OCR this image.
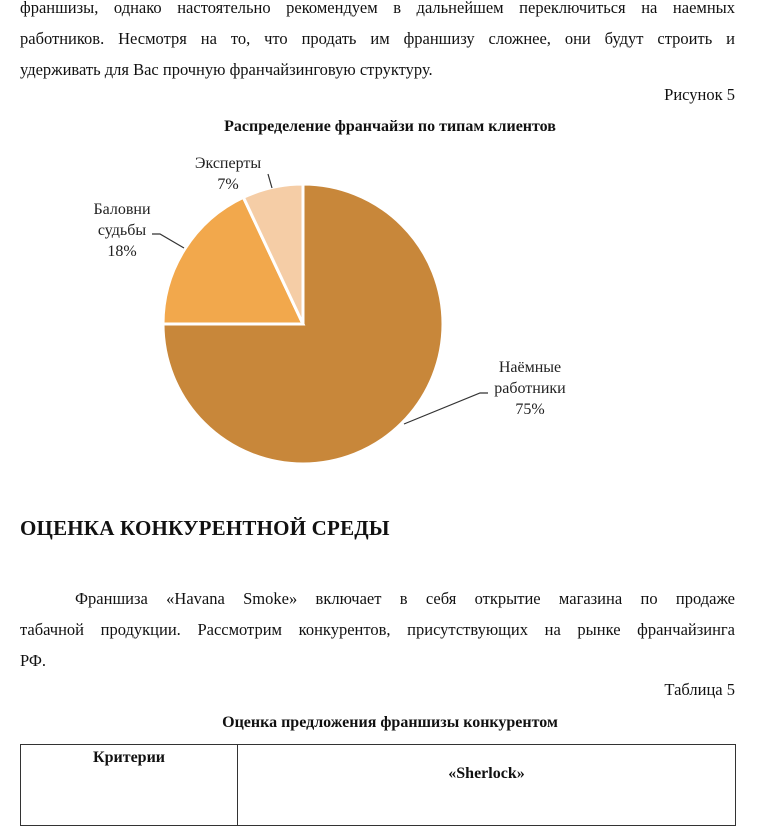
франшизы, однако настоятельно рекомендуем в дальнейшем переключиться на наемных
работников. Несмотря на то, что продать им франшизу сложнее, они будут строить и
удерживать для Вас прочную франчайзинговую структуру.

Рисунок 5

Распределение франчайзи по типам клиентов

Наёмные
работники
75%
Баловни
судьбы
18%
Эксперты
7%
ОЦЕНКА КОНКУРЕНТНОЙ СРЕДЫ
Франшиза «Havana Smoke» включает в себя открытие магазина по продаже
табачной продукции. Рассмотрим конкурентов, присутствующих на рынке франчайзинга
РФ.

Таблица 5

Оценка предложения франшизы конкурентом

Критерии	«Sherlock»
